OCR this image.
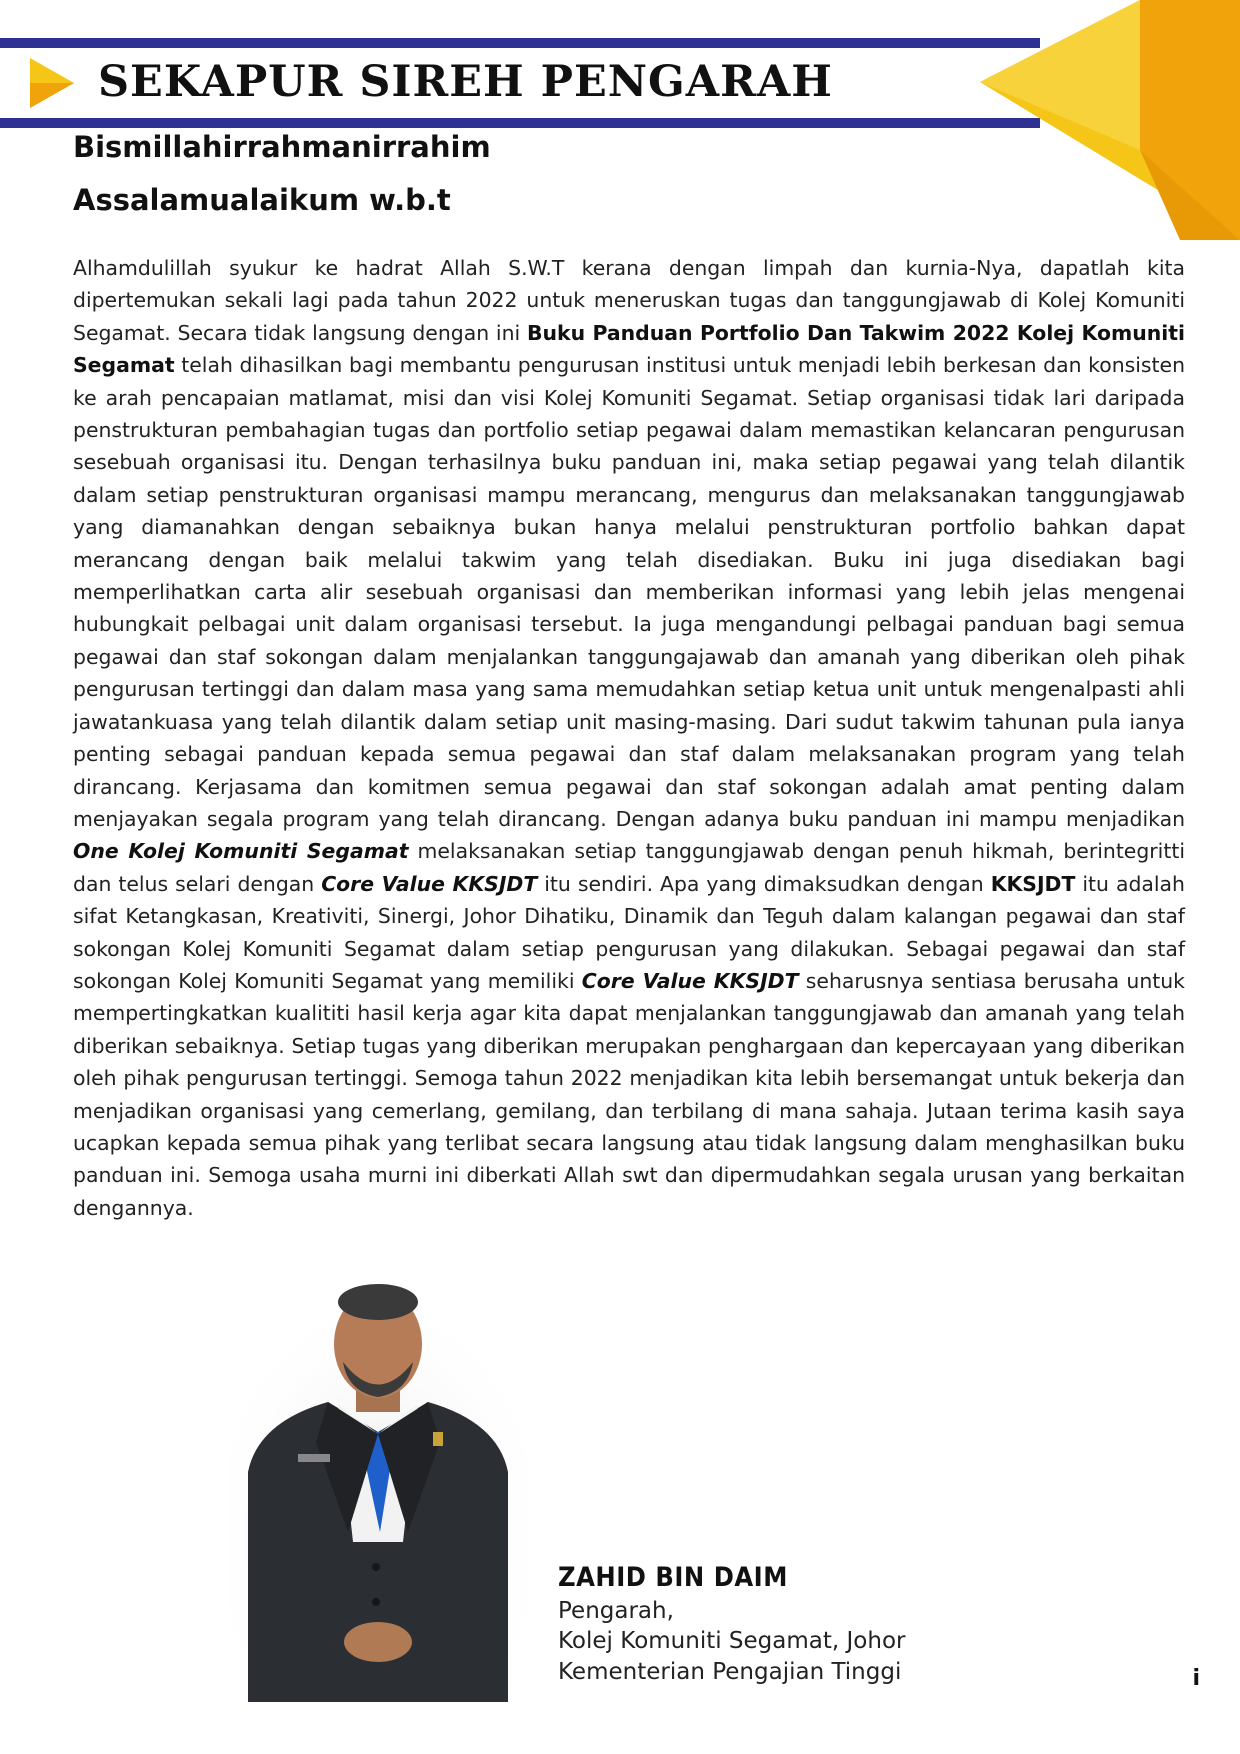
SEKAPUR SIREH PENGARAH

Bismillahirrahmanirrahim

Assalamualaikum w.b.t

Alhamdulillah syukur ke hadrat Allah S.W.T kerana dengan limpah dan kurnia-Nya, dapatlah kita dipertemukan sekali lagi pada tahun 2022 untuk meneruskan tugas dan tanggungjawab di Kolej Komuniti Segamat. Secara tidak langsung dengan ini Buku Panduan Portfolio Dan Takwim 2022 Kolej Komuniti Segamat telah dihasilkan bagi membantu pengurusan institusi untuk menjadi lebih berkesan dan konsisten ke arah pencapaian matlamat, misi dan visi Kolej Komuniti Segamat. Setiap organisasi tidak lari daripada penstrukturan pembahagian tugas dan portfolio setiap pegawai dalam memastikan kelancaran pengurusan sesebuah organisasi itu. Dengan terhasilnya buku panduan ini, maka setiap pegawai yang telah dilantik dalam setiap penstrukturan organisasi mampu merancang, mengurus dan melaksanakan tanggungjawab yang diamanahkan dengan sebaiknya bukan hanya melalui penstrukturan portfolio bahkan dapat merancang dengan baik melalui takwim yang telah disediakan. Buku ini juga disediakan bagi memperlihatkan carta alir sesebuah organisasi dan memberikan informasi yang lebih jelas mengenai hubungkait pelbagai unit dalam organisasi tersebut. Ia juga mengandungi pelbagai panduan bagi semua pegawai dan staf sokongan dalam menjalankan tanggungajawab dan amanah yang diberikan oleh pihak pengurusan tertinggi dan dalam masa yang sama memudahkan setiap ketua unit untuk mengenalpasti ahli jawatankuasa yang telah dilantik dalam setiap unit masing-masing. Dari sudut takwim tahunan pula ianya penting sebagai panduan kepada semua pegawai dan staf dalam melaksanakan program yang telah dirancang. Kerjasama dan komitmen semua pegawai dan staf sokongan adalah amat penting dalam menjayakan segala program yang telah dirancang. Dengan adanya buku panduan ini mampu menjadikan One Kolej Komuniti Segamat melaksanakan setiap tanggungjawab dengan penuh hikmah, berintegritti dan telus selari dengan Core Value KKSJDT itu sendiri. Apa yang dimaksudkan dengan KKSJDT itu adalah sifat Ketangkasan, Kreativiti, Sinergi, Johor Dihatiku, Dinamik dan Teguh dalam kalangan pegawai dan staf sokongan Kolej Komuniti Segamat dalam setiap pengurusan yang dilakukan. Sebagai pegawai dan staf sokongan Kolej Komuniti Segamat yang memiliki Core Value KKSJDT seharusnya sentiasa berusaha untuk mempertingkatkan kualititi hasil kerja agar kita dapat menjalankan tanggungjawab dan amanah yang telah diberikan sebaiknya. Setiap tugas yang diberikan merupakan penghargaan dan kepercayaan yang diberikan oleh pihak pengurusan tertinggi. Semoga tahun 2022 menjadikan kita lebih bersemangat untuk bekerja dan menjadikan organisasi yang cemerlang, gemilang, dan terbilang di mana sahaja. Jutaan terima kasih saya ucapkan kepada semua pihak yang terlibat secara langsung atau tidak langsung dalam menghasilkan buku panduan ini. Semoga usaha murni ini diberkati Allah swt dan dipermudahkan segala urusan yang berkaitan dengannya.

ZAHID BIN DAIM

Pengarah,

Kolej Komuniti Segamat, Johor

Kementerian Pengajian Tinggi	i
